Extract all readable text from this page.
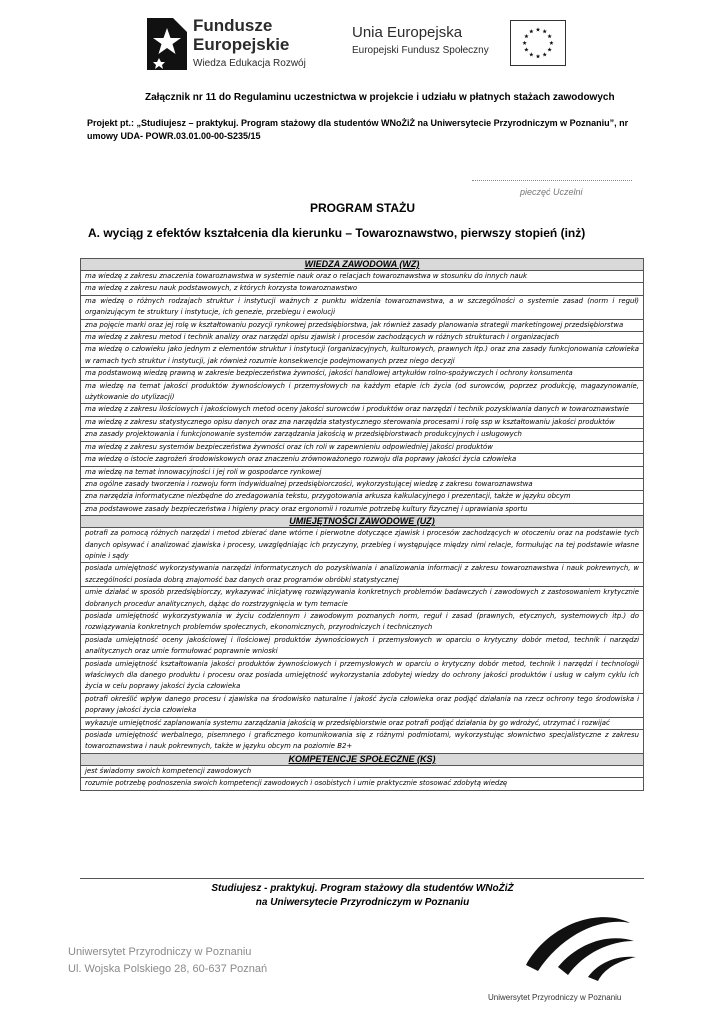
Fundusze
Europejskie
Wiedza Edukacja Rozwój
Unia Europejska
Europejski Fundusz Społeczny
Załącznik nr 11 do Regulaminu uczestnictwa w projekcie i udziału w płatnych stażach zawodowych
Projekt pt.: „Studiujesz – praktykuj. Program stażowy dla studentów WNoŻiŻ na Uniwersytecie Przyrodniczym w Poznaniu”, nr umowy UDA- POWR.03.01.00-00-S235/15
pieczęć Uczelni
PROGRAM STAŻU
A. wyciąg z efektów kształcenia dla kierunku – Towaroznawstwo, pierwszy stopień (inż)
WIEDZA ZAWODOWA (WZ)
ma wiedzę z zakresu znaczenia towaroznawstwa w systemie nauk oraz o relacjach towaroznawstwa w stosunku do innych nauk
ma wiedzę z zakresu nauk podstawowych, z których korzysta towaroznawstwo
ma wiedzę o różnych rodzajach struktur i instytucji ważnych z punktu widzenia towaroznawstwa, a w szczególności o systemie zasad (norm i reguł) organizującym te struktury i instytucje, ich genezie, przebiegu i ewolucji
zna pojęcie marki oraz jej rolę w kształtowaniu pozycji rynkowej przedsiębiorstwa, jak również zasady planowania strategii marketingowej przedsiębiorstwa
ma wiedzę z zakresu metod i technik analizy oraz narzędzi opisu zjawisk i procesów zachodzących w różnych strukturach i organizacjach
ma wiedzę o człowieku jako jednym z elementów struktur i instytucji (organizacyjnych, kulturowych, prawnych itp.) oraz zna zasady funkcjonowania człowieka w ramach tych struktur i instytucji, jak również rozumie konsekwencje podejmowanych przez niego decyzji
ma podstawową wiedzę prawną w zakresie bezpieczeństwa żywności, jakości handlowej artykułów rolno-spożywczych i ochrony konsumenta
ma wiedzę na temat jakości produktów żywnościowych i przemysłowych na każdym etapie ich życia (od surowców, poprzez produkcję, magazynowanie, użytkowanie do utylizacji)
ma wiedzę z zakresu ilościowych i jakościowych metod oceny jakości surowców i produktów oraz narzędzi i technik pozyskiwania danych w towaroznawstwie
ma wiedzę z zakresu statystycznego opisu danych oraz zna narzędzia statystycznego sterowania procesami i rolę ssp w kształtowaniu jakości produktów
zna zasady projektowania i funkcjonowanie systemów zarządzania jakością w przedsiębiorstwach produkcyjnych i usługowych
ma wiedzę z zakresu systemów bezpieczeństwa żywności oraz ich roli w zapewnieniu odpowiedniej jakości produktów
ma wiedzę o istocie zagrożeń środowiskowych oraz znaczeniu zrównoważonego rozwoju dla poprawy jakości życia człowieka
ma wiedzę na temat innowacyjności i jej roli w gospodarce rynkowej
zna ogólne zasady tworzenia i rozwoju form indywidualnej przedsiębiorczości, wykorzystującej wiedzę z zakresu towaroznawstwa
zna narzędzia informatyczne niezbędne do zredagowania tekstu, przygotowania arkusza kalkulacyjnego i prezentacji, także w języku obcym
zna podstawowe zasady bezpieczeństwa i higieny pracy oraz ergonomii i rozumie potrzebę kultury fizycznej i uprawiania sportu
UMIEJĘTNOŚCI ZAWODOWE (UZ)
potrafi za pomocą różnych narzędzi i metod zbierać dane wtórne i pierwotne dotyczące zjawisk i procesów zachodzących w otoczeniu oraz na podstawie tych danych opisywać i analizować zjawiska i procesy, uwzględniając ich przyczyny, przebieg i występujące między nimi relacje, formułując na tej podstawie własne opinie i sądy
posiada umiejętność wykorzystywania narzędzi informatycznych do pozyskiwania i analizowania informacji z zakresu towaroznawstwa i nauk pokrewnych, w szczególności posiada dobrą znajomość baz danych oraz programów obróbki statystycznej
umie działać w sposób przedsiębiorczy, wykazywać inicjatywę rozwiązywania konkretnych problemów badawczych i zawodowych z zastosowaniem krytycznie dobranych procedur analitycznych, dążąc do rozstrzygnięcia w tym temacie
posiada umiejętność wykorzystywania w życiu codziennym i zawodowym poznanych norm, reguł i zasad (prawnych, etycznych, systemowych itp.) do rozwiązywania konkretnych problemów społecznych, ekonomicznych, przyrodniczych i technicznych
posiada umiejętność oceny jakościowej i ilościowej produktów żywnościowych i przemysłowych w oparciu o krytyczny dobór metod, technik i narzędzi analitycznych oraz umie formułować poprawnie wnioski
posiada umiejętność kształtowania jakości produktów żywnościowych i przemysłowych w oparciu o krytyczny dobór metod, technik i narzędzi i technologii właściwych dla danego produktu i procesu oraz posiada umiejętność wykorzystania zdobytej wiedzy do ochrony jakości produktów i usług w całym cyklu ich życia w celu poprawy jakości życia człowieka
potrafi określić wpływ danego procesu i zjawiska na środowisko naturalne i jakość życia człowieka oraz podjąć działania na rzecz ochrony tego środowiska i poprawy jakości życia człowieka
wykazuje umiejętność zaplanowania systemu zarządzania jakością w przedsiębiorstwie oraz potrafi podjąć działania by go wdrożyć, utrzymać i rozwijać
posiada umiejętność werbalnego, pisemnego i graficznego komunikowania się z różnymi podmiotami, wykorzystując słownictwo specjalistyczne z zakresu towaroznawstwa i nauk pokrewnych, także w języku obcym na poziomie B2+
KOMPETENCJE SPOŁECZNE (KS)
jest świadomy swoich kompetencji zawodowych
rozumie potrzebę podnoszenia swoich kompetencji zawodowych i osobistych i umie praktycznie stosować zdobytą wiedzę
Studiujesz - praktykuj. Program stażowy dla studentów WNoŻiŻ
na Uniwersytecie Przyrodniczym w Poznaniu
Uniwersytet Przyrodniczy w Poznaniu
Ul. Wojska Polskiego 28, 60-637 Poznań
Uniwersytet Przyrodniczy w Poznaniu
